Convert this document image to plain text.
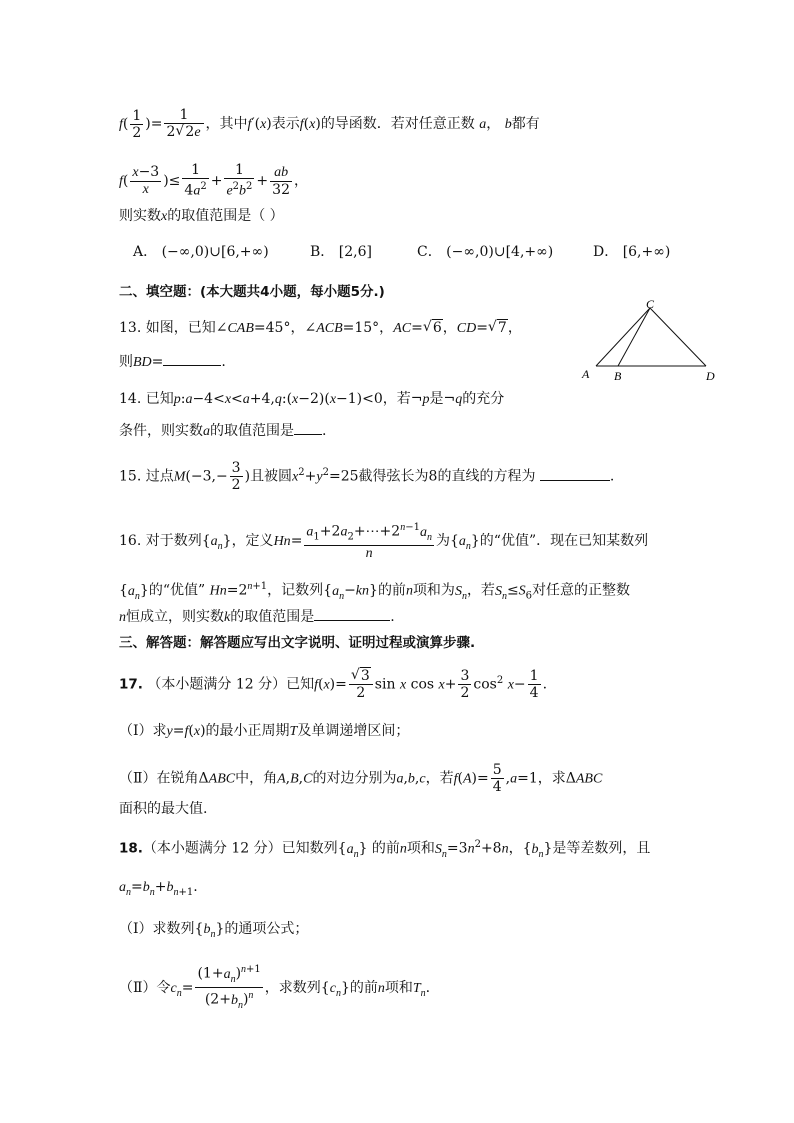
$f( \frac{1}{2}$ )= $\frac{1}{2 √ 2e}$ ，其中f′(x)表示f(x)的导函数．若对任意正数 a， b都有
$f( \frac{x-3}{x}$ )≤ $\frac{1}{4a^2} + \frac{1}{e^2b^2} + \frac{ab}{32}$ ，
则实数x的取值范围是（ ）
A． (−∞,0)∪[6,+∞)	B． [2,6]	C． (−∞,0)∪[4,+∞)	D． [6,+∞)
二、填空题：(本大题共4小题，每小题5分.)
13. 如图，已知∠CAB=45°，∠ACB=15°，AC= √ 6，CD= √ 7，
则BD=	.
C
A B	D
14. 已知p:a−4<x<a+4,q:(x−2)(x−1)<0，若¬p是¬q的充分
条件，则实数a的取值范围是 .
15. 过点$M(-3,- \frac{3}{2}$ )且被圆$x^2+y^2=25$截得弦长为8的直线的方程为	.
16. 对于数列$\{a_n\}$，定义$Hn= \frac{a_1+2a_2+\cdots+2^{n-1}a_n}{n}$ 为$\{a_n\}$的“优值”．现在已知某数列
$\{a_n\}$的“优值” $Hn=2^{n+1}$，记数列$\{a_n-kn\}$的前n项和为$S_n$，若$S_n\le S_6$对任意的正整数
n恒成立，则实数k的取值范围是	.
三、解答题：解答题应写出文字说明、证明过程或演算步骤.
17. （本小题满分 12 分）已知$f(x)= \frac{√ 3}{2}$ sin x $\cos x+ \frac{3}{2} \cos^2 x- \frac{1}{4}$ .
（Ⅰ）求y=f(x)的最小正周期T及单调递增区间；
（Ⅱ）在锐角ΔABC中，角A,B,C的对边分别为a,b,c，若$f(A)= \frac{5}{4} ,a=1$，求ΔABC
面积的最大值.
18.（本小题满分 12 分）已知数列$\{a_n\}$ 的前n项和$S_n=3n^2+8n$，$\{b_n\}$是等差数列，且
$a_n=b_n+b_{n+1}$.
（Ⅰ）求数列$\{b_n\}$的通项公式；
（Ⅱ）令$c_n= \frac{(1+a_n)^{n+1}}{(2+b_n)^n}$ ，求数列$\{c_n\}$的前n项和$T_n$.
